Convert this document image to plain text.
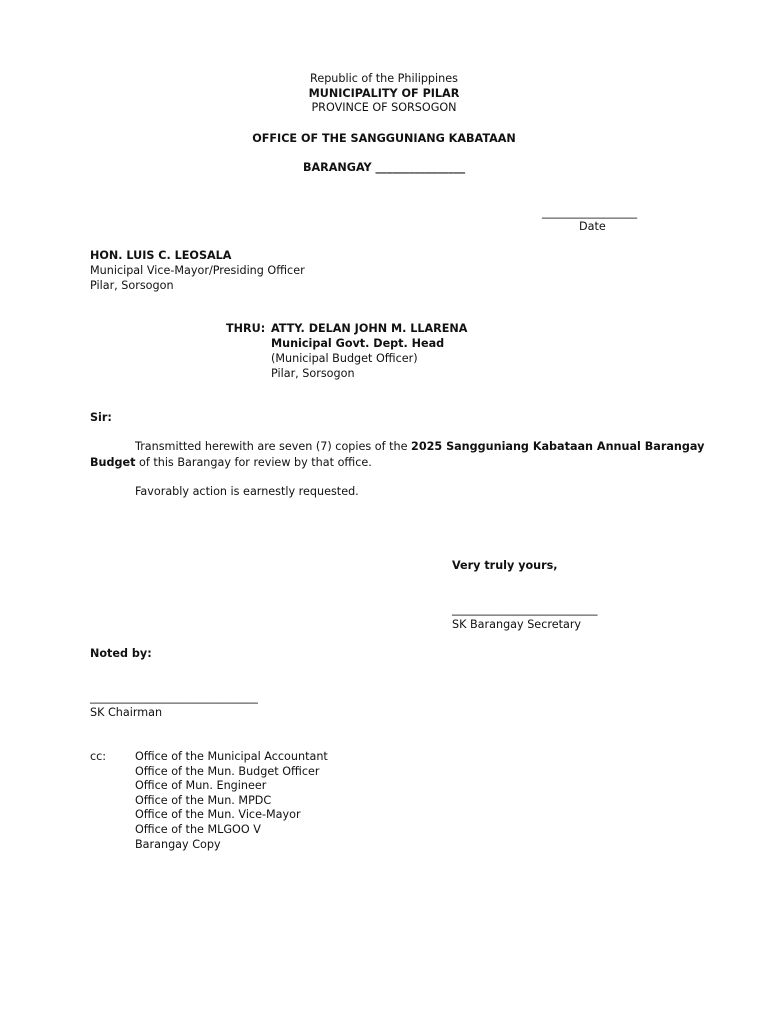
Republic of the Philippines
MUNICIPALITY OF PILAR
PROVINCE OF SORSOGON
OFFICE OF THE SANGGUNIANG KABATAAN
BARANGAY ________________
_________________
Date
HON. LUIS C. LEOSALA
Municipal Vice-Mayor/Presiding Officer
Pilar, Sorsogon
THRU: ATTY. DELAN JOHN M. LLARENA
Municipal Govt. Dept. Head
(Municipal Budget Officer)
Pilar, Sorsogon
Sir:
Transmitted herewith are seven (7) copies of the 2025 Sangguniang Kabataan Annual Barangay
Budget of this Barangay for review by that office.
Favorably action is earnestly requested.
Very truly yours,
__________________________
SK Barangay Secretary
Noted by:
______________________________
SK Chairman
cc:	Office of the Municipal Accountant
Office of the Mun. Budget Officer
Office of Mun. Engineer
Office of the Mun. MPDC
Office of the Mun. Vice-Mayor
Office of the MLGOO V
Barangay Copy
